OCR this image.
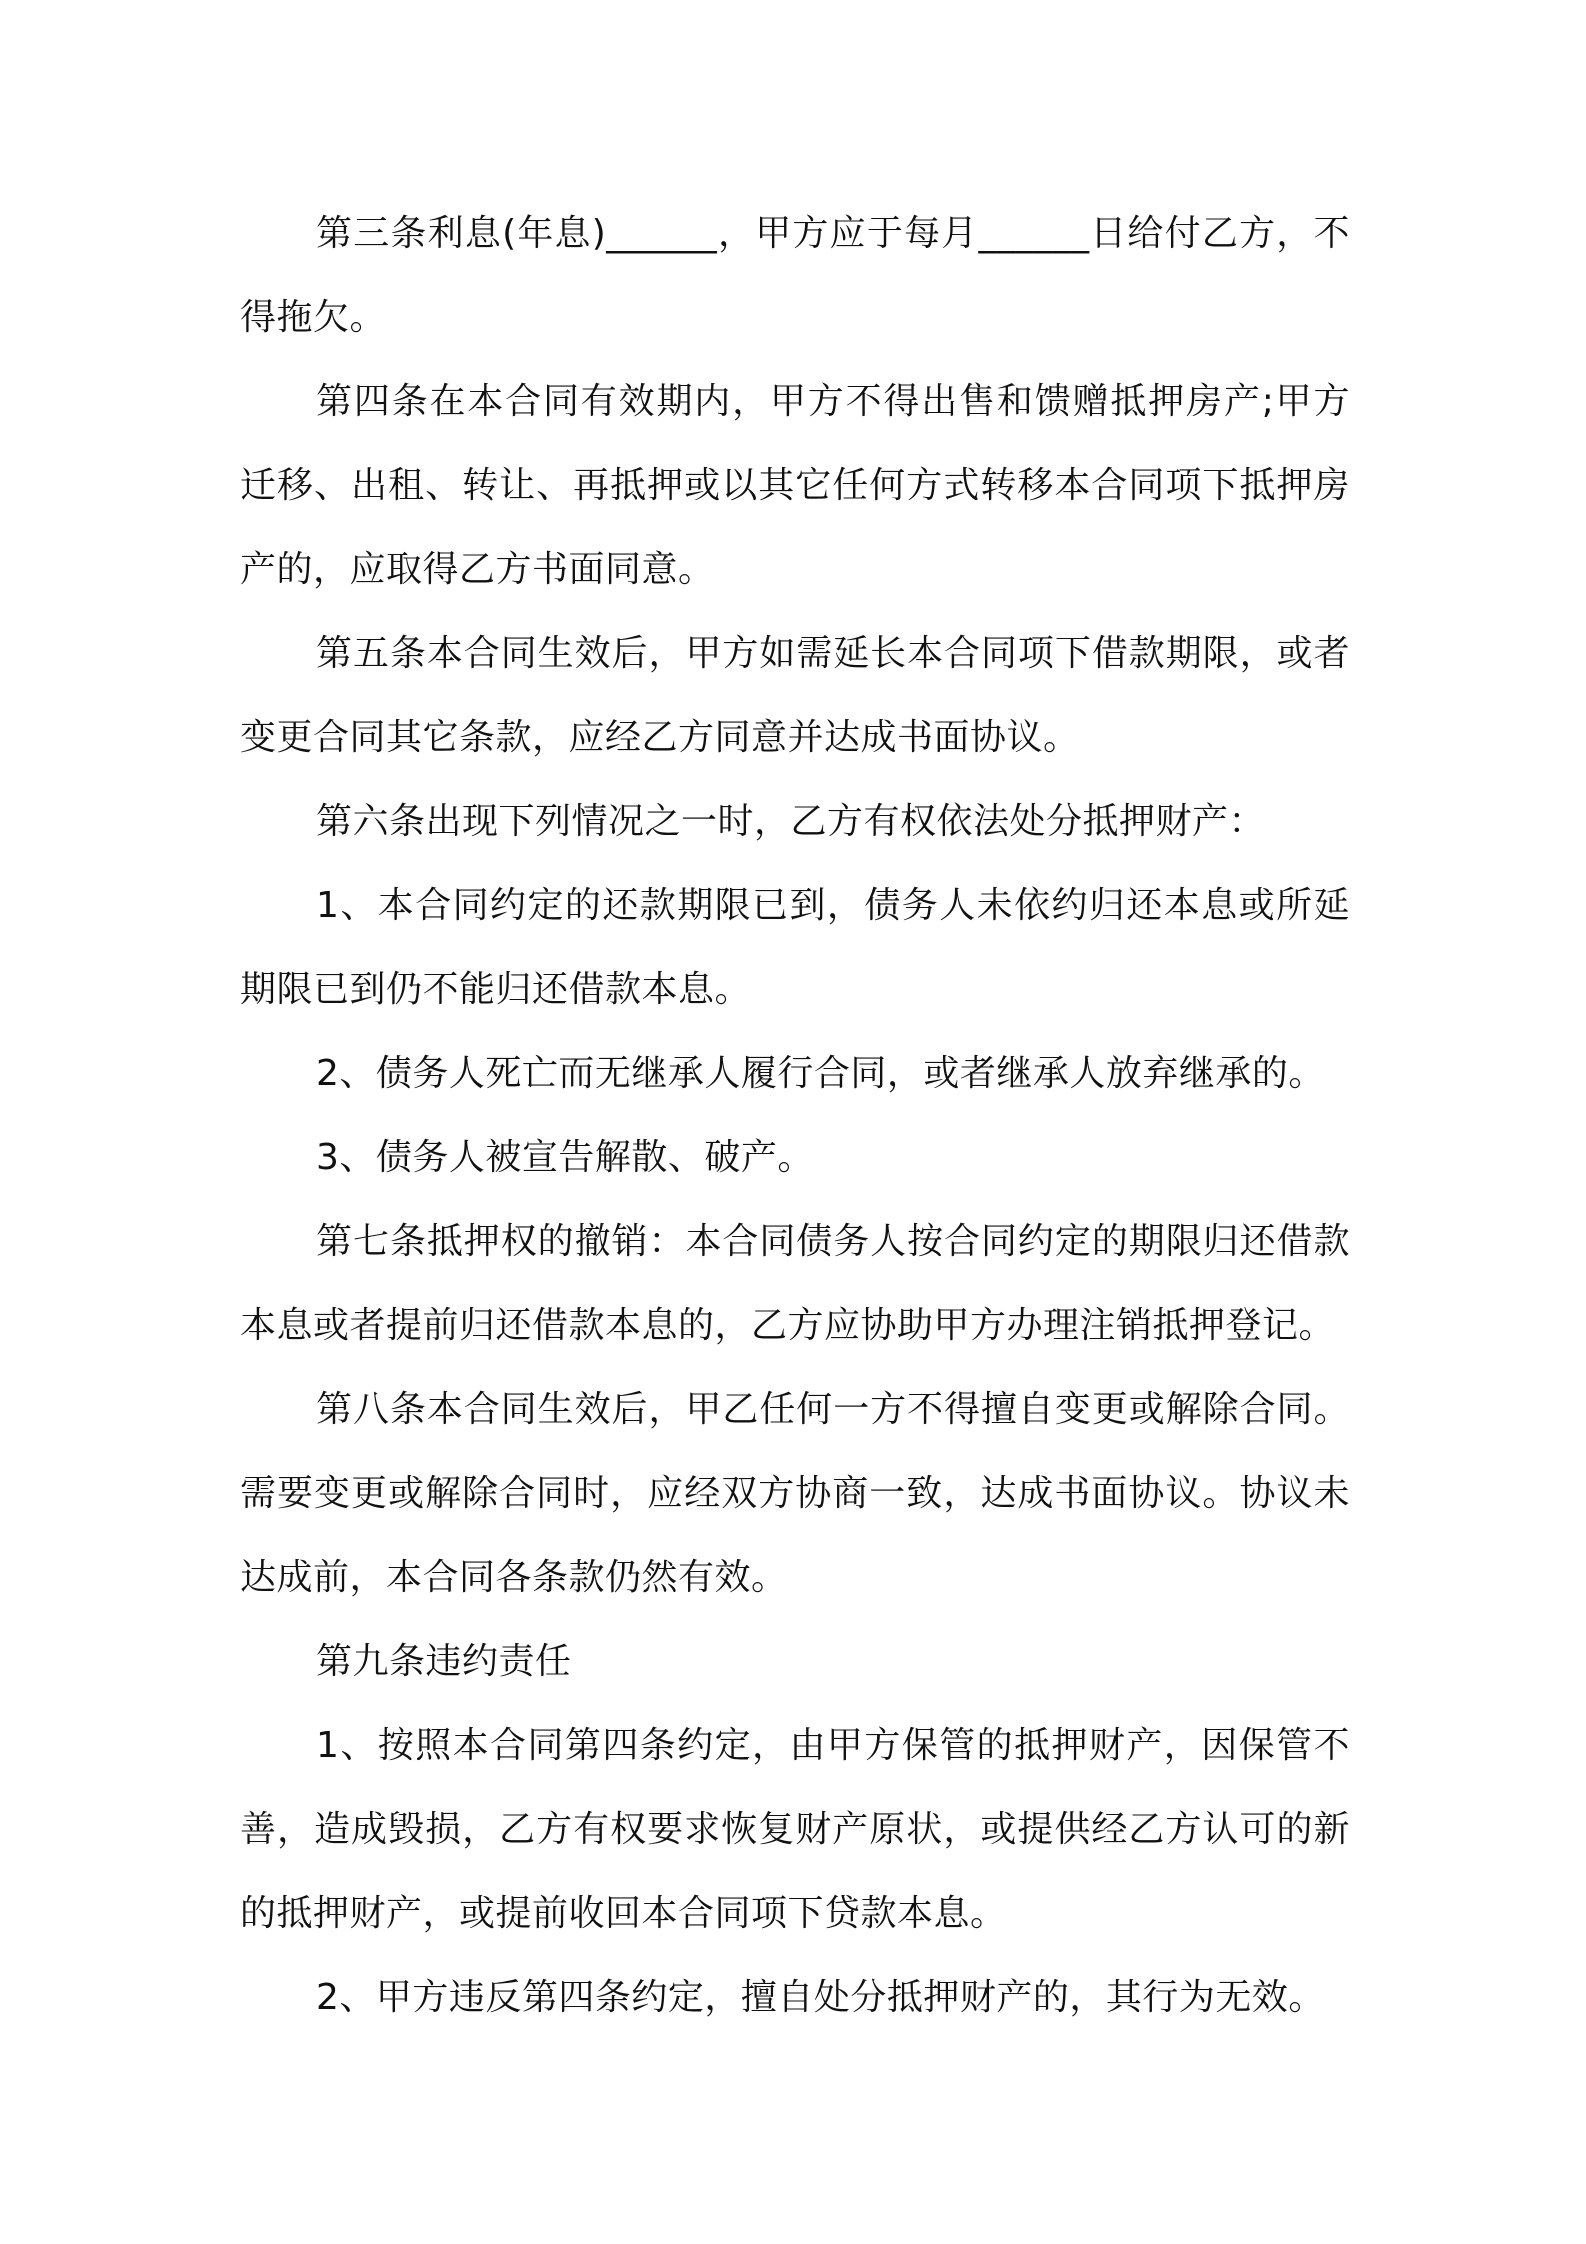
第三条利息(年息)______，甲方应于每月______日给付乙方，不得拖欠。

第四条在本合同有效期内，甲方不得出售和馈赠抵押房产;甲方迁移、出租、转让、再抵押或以其它任何方式转移本合同项下抵押房产的，应取得乙方书面同意。

第五条本合同生效后，甲方如需延长本合同项下借款期限，或者变更合同其它条款，应经乙方同意并达成书面协议。

第六条出现下列情况之一时，乙方有权依法处分抵押财产：

1、本合同约定的还款期限已到，债务人未依约归还本息或所延期限已到仍不能归还借款本息。

2、债务人死亡而无继承人履行合同，或者继承人放弃继承的。

3、债务人被宣告解散、破产。

第七条抵押权的撤销：本合同债务人按合同约定的期限归还借款本息或者提前归还借款本息的，乙方应协助甲方办理注销抵押登记。

第八条本合同生效后，甲乙任何一方不得擅自变更或解除合同。需要变更或解除合同时，应经双方协商一致，达成书面协议。协议未达成前，本合同各条款仍然有效。

第九条违约责任

1、按照本合同第四条约定，由甲方保管的抵押财产，因保管不善，造成毁损，乙方有权要求恢复财产原状，或提供经乙方认可的新的抵押财产，或提前收回本合同项下贷款本息。

2、甲方违反第四条约定，擅自处分抵押财产的，其行为无效。
